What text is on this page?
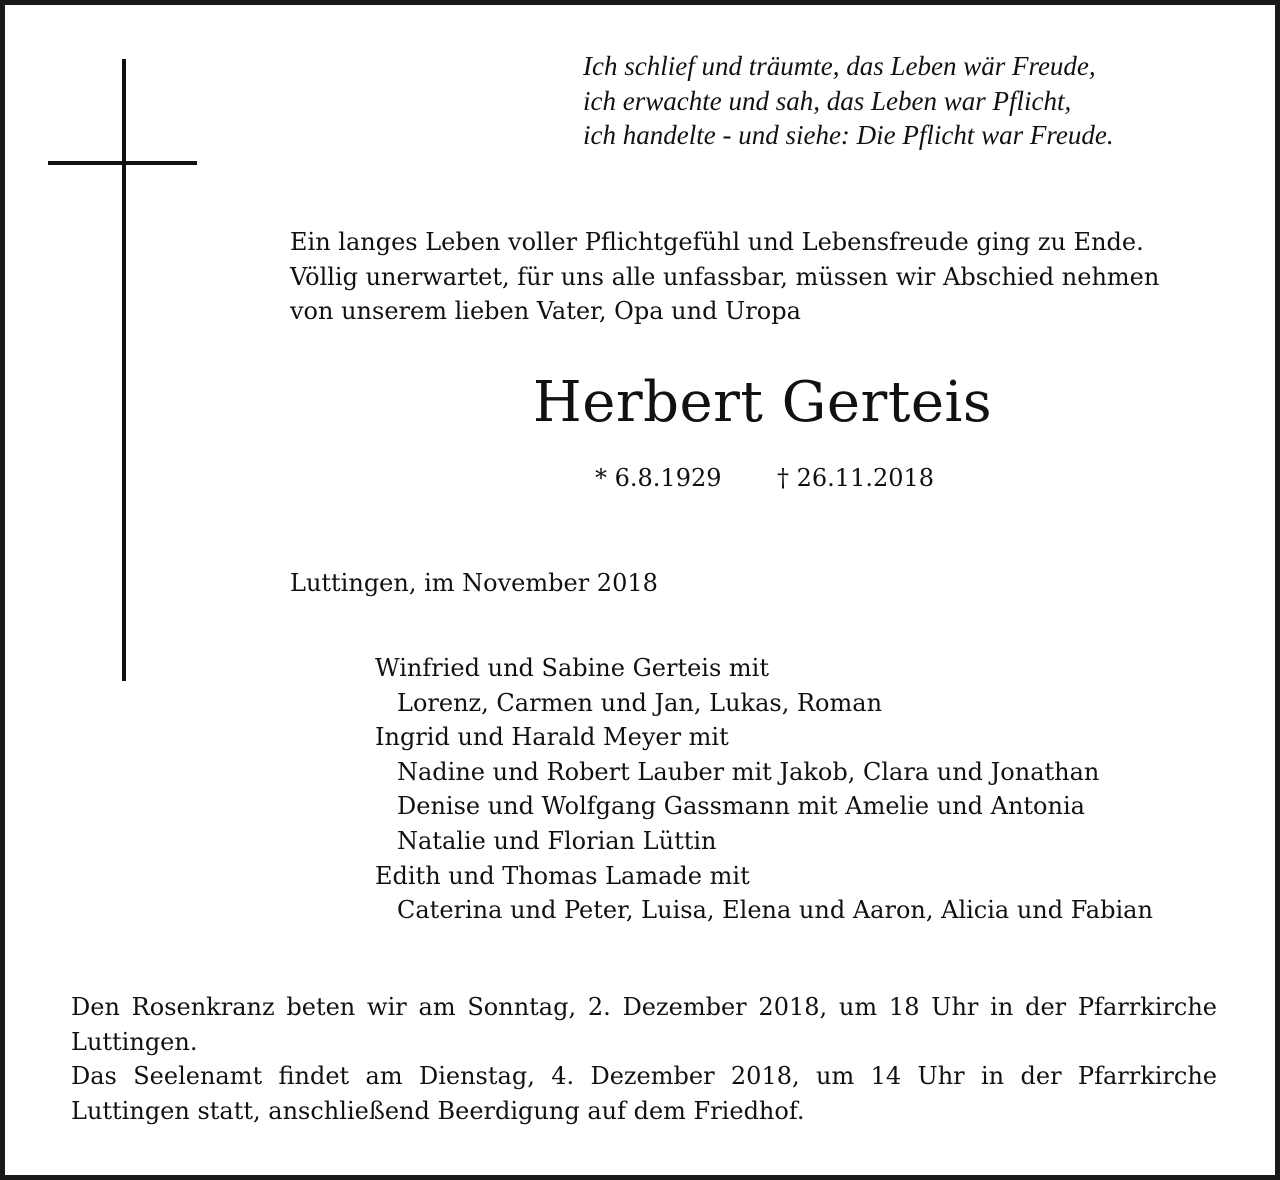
Ich schlief und träumte, das Leben wär Freude,
ich erwachte und sah, das Leben war Pflicht,
ich handelte - und siehe: Die Pflicht war Freude.
Ein langes Leben voller Pflichtgefühl und Lebensfreude ging zu Ende.
Völlig unerwartet, für uns alle unfassbar, müssen wir Abschied nehmen
von unserem lieben Vater, Opa und Uropa
Herbert Gerteis
* 6.8.1929 † 26.11.2018
Luttingen, im November 2018
Winfried und Sabine Gerteis mit
Lorenz, Carmen und Jan, Lukas, Roman
Ingrid und Harald Meyer mit
Nadine und Robert Lauber mit Jakob, Clara und Jonathan
Denise und Wolfgang Gassmann mit Amelie und Antonia
Natalie und Florian Lüttin
Edith und Thomas Lamade mit
Caterina und Peter, Luisa, Elena und Aaron, Alicia und Fabian
Den Rosenkranz beten wir am Sonntag, 2. Dezember 2018, um 18 Uhr in der Pfarrkirche
Luttingen.
Das Seelenamt findet am Dienstag, 4. Dezember 2018, um 14 Uhr in der Pfarrkirche
Luttingen statt, anschließend Beerdigung auf dem Friedhof.
